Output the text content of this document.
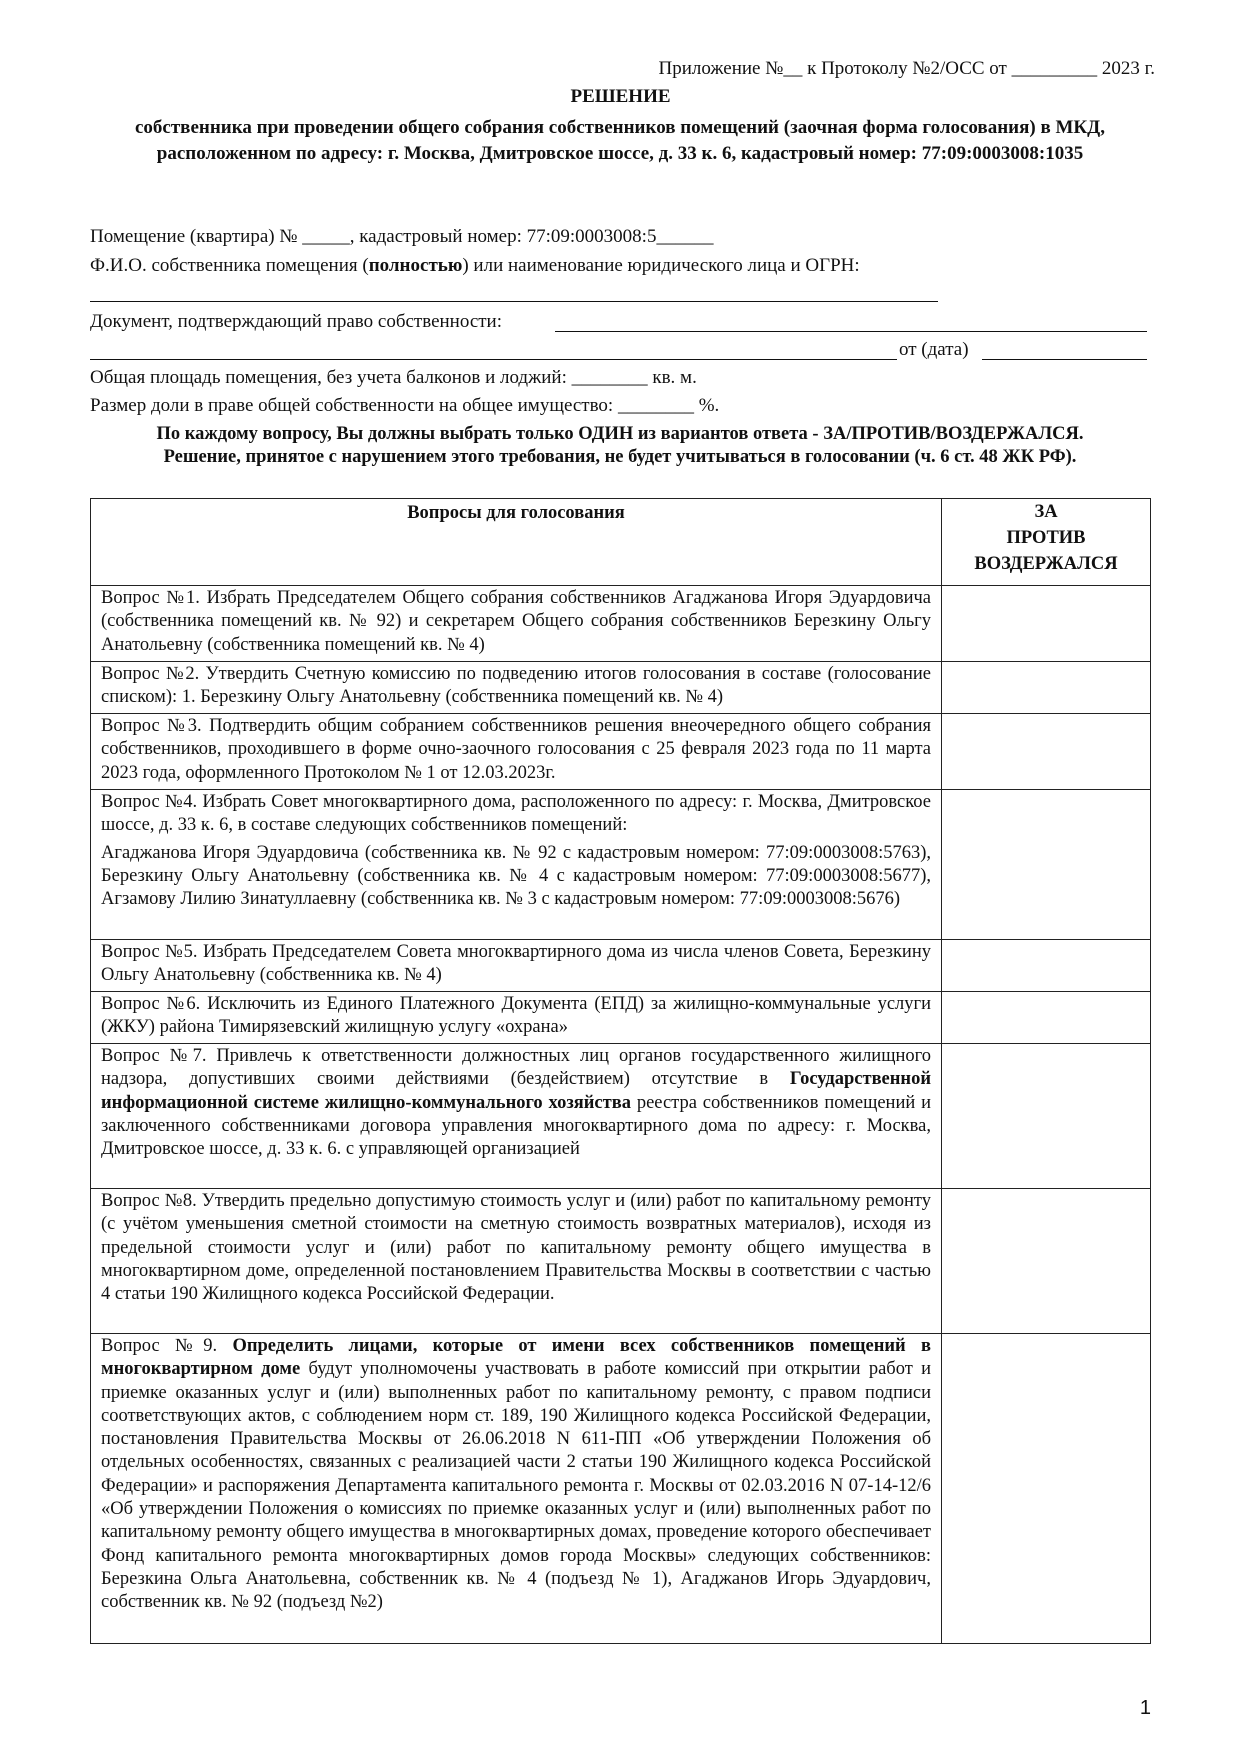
Приложение №__ к Протоколу №2/ОСС от _________ 2023 г.
РЕШЕНИЕ
собственника при проведении общего собрания собственников помещений (заочная форма голосования) в МКД, расположенном по адресу: г. Москва, Дмитровское шоссе, д. 33 к. 6, кадастровый номер: 77:09:0003008:1035
Помещение (квартира) № _____, кадастровый номер: 77:09:0003008:5______
Ф.И.О. собственника помещения (полностью) или наименование юридического лица и ОГРН:
Документ, подтверждающий право собственности:
от (дата)
Общая площадь помещения, без учета балконов и лоджий: ________ кв. м.
Размер доли в праве общей собственности на общее имущество: ________ %.
По каждому вопросу, Вы должны выбрать только ОДИН из вариантов ответа - ЗА/ПРОТИВ/ВОЗДЕРЖАЛСЯ.
Решение, принятое с нарушением этого требования, не будет учитываться в голосовании (ч. 6 ст. 48 ЖК РФ).
Вопросы для голосования	ЗА
ПРОТИВ
ВОЗДЕРЖАЛСЯ

Вопрос №1. Избрать Председателем Общего собрания собственников Агаджанова Игоря Эдуардовича (собственника помещений кв. № 92) и секретарем Общего собрания собственников Березкину Ольгу Анатольевну (собственника помещений кв. № 4)	
Вопрос №2. Утвердить Счетную комиссию по подведению итогов голосования в составе (голосование списком): 1. Березкину Ольгу Анатольевну (собственника помещений кв. № 4)	
Вопрос №3. Подтвердить общим собранием собственников решения внеочередного общего собрания собственников, проходившего в форме очно-заочного голосования с 25 февраля 2023 года по 11 марта 2023 года, оформленного Протоколом № 1 от 12.03.2023г.	

Вопрос №4. Избрать Совет многоквартирного дома, расположенного по адресу: г. Москва, Дмитровское шоссе, д. 33 к. 6, в составе следующих собственников помещений:
Агаджанова Игоря Эдуардовича (собственника кв. № 92 с кадастровым номером: 77:09:0003008:5763), Березкину Ольгу Анатольевну (собственника кв. № 4 с кадастровым номером: 77:09:0003008:5677), Агзамову Лилию Зинатуллаевну (собственника кв. № 3 с кадастровым номером: 77:09:0003008:5676)	

Вопрос №5. Избрать Председателем Совета многоквартирного дома из числа членов Совета, Березкину Ольгу Анатольевну (собственника кв. № 4)	
Вопрос №6. Исключить из Единого Платежного Документа (ЕПД) за жилищно-коммунальные услуги (ЖКУ) района Тимирязевский жилищную услугу «охрана»	
Вопрос №7. Привлечь к ответственности должностных лиц органов государственного жилищного надзора, допустивших своими действиями (бездействием) отсутствие в Государственной информационной системе жилищно-коммунального хозяйства реестра собственников помещений и заключенного собственниками договора управления многоквартирного дома по адресу: г. Москва, Дмитровское шоссе, д. 33 к. 6. с управляющей организацией	
Вопрос №8. Утвердить предельно допустимую стоимость услуг и (или) работ по капитальному ремонту (с учётом уменьшения сметной стоимости на сметную стоимость возвратных материалов), исходя из предельной стоимости услуг и (или) работ по капитальному ремонту общего имущества в многоквартирном доме, определенной постановлением Правительства Москвы в соответствии с частью 4 статьи 190 Жилищного кодекса Российской Федерации.	
Вопрос №9. Определить лицами, которые от имени всех собственников помещений в многоквартирном доме будут уполномочены участвовать в работе комиссий при открытии работ и приемке оказанных услуг и (или) выполненных работ по капитальному ремонту, с правом подписи соответствующих актов, с соблюдением норм ст. 189, 190 Жилищного кодекса Российской Федерации, постановления Правительства Москвы от 26.06.2018 N 611-ПП «Об утверждении Положения об отдельных особенностях, связанных с реализацией части 2 статьи 190 Жилищного кодекса Российской Федерации» и распоряжения Департамента капитального ремонта г. Москвы от 02.03.2016 N 07-14-12/6 «Об утверждении Положения о комиссиях по приемке оказанных услуг и (или) выполненных работ по капитальному ремонту общего имущества в многоквартирных домах, проведение которого обеспечивает Фонд капитального ремонта многоквартирных домов города Москвы» следующих собственников: Березкина Ольга Анатольевна, собственник кв. № 4 (подъезд № 1), Агаджанов Игорь Эдуардович, собственник кв. № 92 (подъезд №2)	
1
